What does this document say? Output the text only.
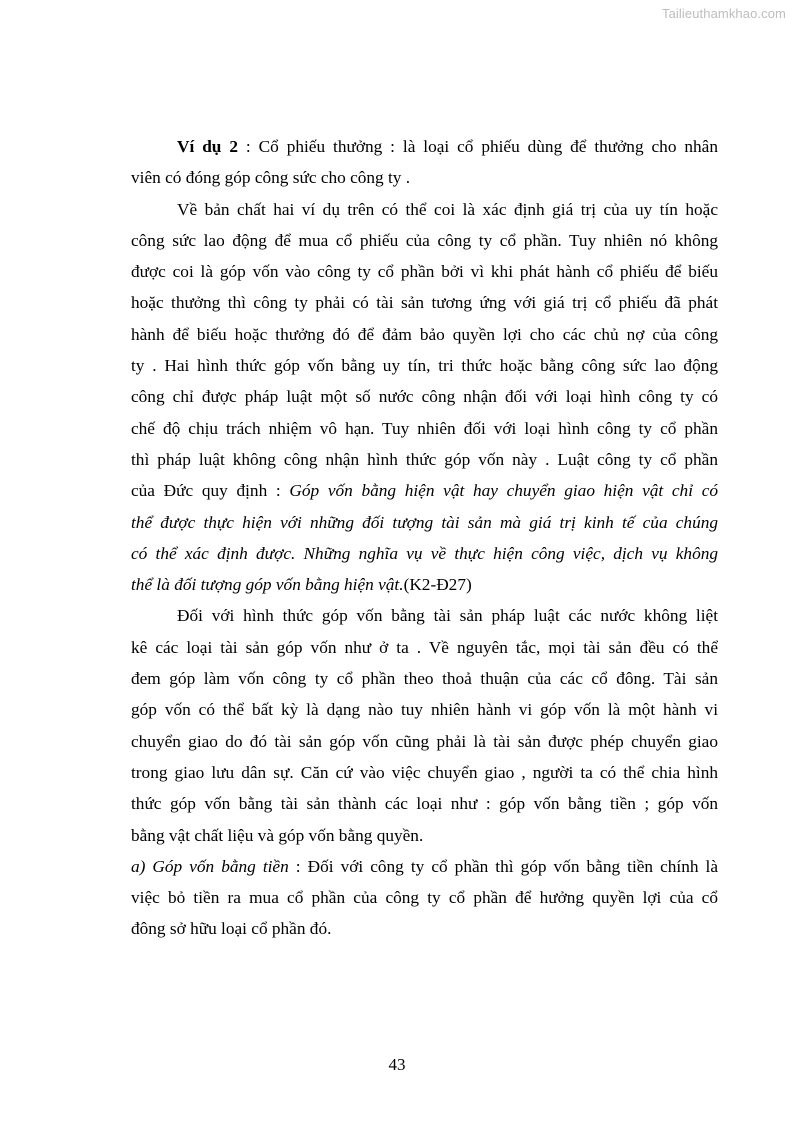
Tailieuthamkhao.com
Ví dụ 2 : Cổ phiếu thưởng : là loại cổ phiếu dùng để thưởng cho nhân
viên có đóng góp công sức cho công ty .
Về bản chất hai ví dụ trên có thể coi là xác định giá trị của uy tín hoặc
công sức lao động để mua cổ phiếu của công ty cổ phần. Tuy nhiên nó không
được coi là góp vốn vào công ty cổ phần bởi vì khi phát hành cổ phiếu để biếu
hoặc thưởng thì công ty phải có tài sản tương ứng với giá trị cổ phiếu đã phát
hành để biếu hoặc thưởng đó để đảm bảo quyền lợi cho các chủ nợ của công
ty . Hai hình thức góp vốn bằng uy tín, tri thức hoặc bằng công sức lao động
công chỉ được pháp luật một số nước công nhận đối với loại hình công ty có
chế độ chịu trách nhiệm vô hạn. Tuy nhiên đối với loại hình công ty cổ phần
thì pháp luật không công nhận hình thức góp vốn này . Luật công ty cổ phần
của Đức quy định : Góp vốn bằng hiện vật hay chuyển giao hiện vật chỉ có
thể được thực hiện với những đối tượng tài sản mà giá trị kinh tế của chúng
có thể xác định được. Những nghĩa vụ về thực hiện công việc, dịch vụ không
thể là đối tượng góp vốn bằng hiện vật.(K2-Đ27)
Đối với hình thức góp vốn bằng tài sản pháp luật các nước không liệt
kê các loại tài sản góp vốn như ở ta . Về nguyên tắc, mọi tài sản đều có thể
đem góp làm vốn công ty cổ phần theo thoả thuận của các cổ đông. Tài sản
góp vốn có thể bất kỳ là dạng nào tuy nhiên hành vi góp vốn là một hành vi
chuyển giao do đó tài sản góp vốn cũng phải là tài sản được phép chuyển giao
trong giao lưu dân sự. Căn cứ vào việc chuyển giao , người ta có thể chia hình
thức góp vốn bằng tài sản thành các loại như : góp vốn bằng tiền ; góp vốn
bằng vật chất liệu và góp vốn bằng quyền.
a) Góp vốn bằng tiền : Đối với công ty cổ phần thì góp vốn bằng tiền chính là
việc bỏ tiền ra mua cổ phần của công ty cổ phần để hưởng quyền lợi của cổ
đông sở hữu loại cổ phần đó.
43
